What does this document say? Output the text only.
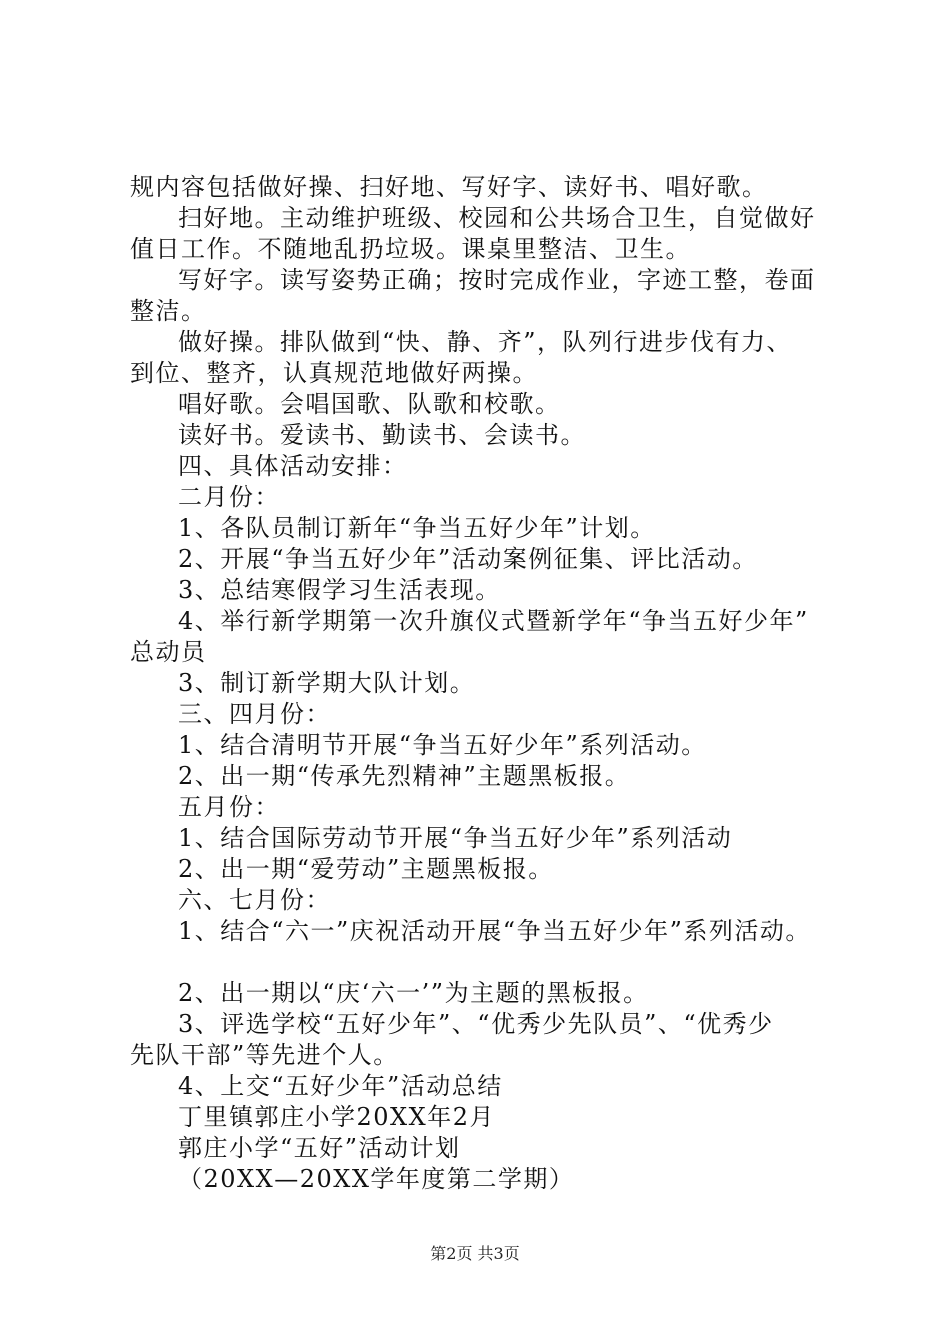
规内容包括做好操、扫好地、写好字、读好书、唱好歌。
扫好地。主动维护班级、校园和公共场合卫生，自觉做好
值日工作。不随地乱扔垃圾。课桌里整洁、卫生。
写好字。读写姿势正确；按时完成作业，字迹工整，卷面
整洁。
做好操。排队做到“快、静、齐”，队列行进步伐有力、
到位、整齐，认真规范地做好两操。
唱好歌。会唱国歌、队歌和校歌。
读好书。爱读书、勤读书、会读书。
四、具体活动安排：
二月份：
1、各队员制订新年“争当五好少年”计划。
2、开展“争当五好少年”活动案例征集、评比活动。
3、总结寒假学习生活表现。
4、举行新学期第一次升旗仪式暨新学年“争当五好少年”
总动员
3、制订新学期大队计划。
三、四月份：
1、结合清明节开展“争当五好少年”系列活动。
2、出一期“传承先烈精神”主题黑板报。
五月份：
1、结合国际劳动节开展“争当五好少年”系列活动
2、出一期“爱劳动”主题黑板报。
六、七月份：
1、结合“六一”庆祝活动开展“争当五好少年”系列活动。
2、出一期以“庆‘六一’”为主题的黑板报。
3、评选学校“五好少年”、“优秀少先队员”、“优秀少
先队干部”等先进个人。
4、上交“五好少年”活动总结
丁里镇郭庄小学20XX年2月
郭庄小学“五好”活动计划
（20XX—20XX学年度第二学期）
第2页 共3页
